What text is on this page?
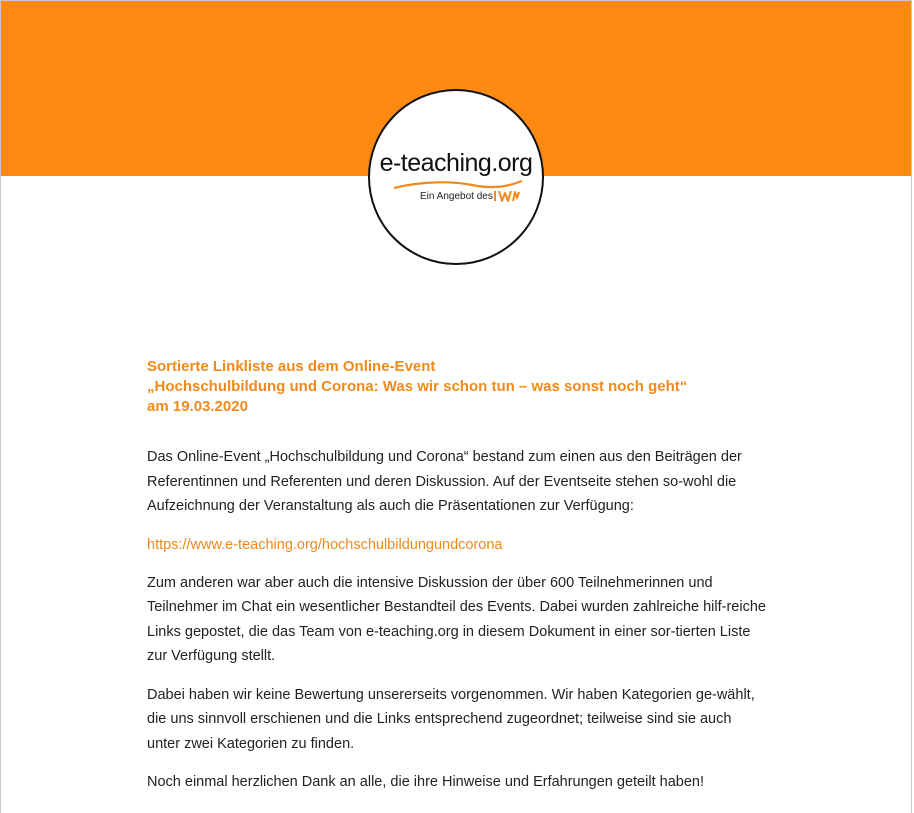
e-teaching.org
Ein Angebot des
Sortierte Linkliste aus dem Online-Event
„Hochschulbildung und Corona: Was wir schon tun – was sonst noch geht“
am 19.03.2020

Das Online-Event „Hochschulbildung und Corona“ bestand zum einen aus den Beiträgen der Referentinnen und Referenten und deren Diskussion. Auf der Eventseite stehen so-wohl die Aufzeichnung der Veranstaltung als auch die Präsentationen zur Verfügung:

https://www.e-teaching.org/hochschulbildungundcorona

Zum anderen war aber auch die intensive Diskussion der über 600 Teilnehmerinnen und Teilnehmer im Chat ein wesentlicher Bestandteil des Events. Dabei wurden zahlreiche hilf-reiche Links gepostet, die das Team von e-teaching.org in diesem Dokument in einer sor-tierten Liste zur Verfügung stellt.

Dabei haben wir keine Bewertung unsererseits vorgenommen. Wir haben Kategorien ge-wählt, die uns sinnvoll erschienen und die Links entsprechend zugeordnet; teilweise sind sie auch unter zwei Kategorien zu finden.

Noch einmal herzlichen Dank an alle, die ihre Hinweise und Erfahrungen geteilt haben!
